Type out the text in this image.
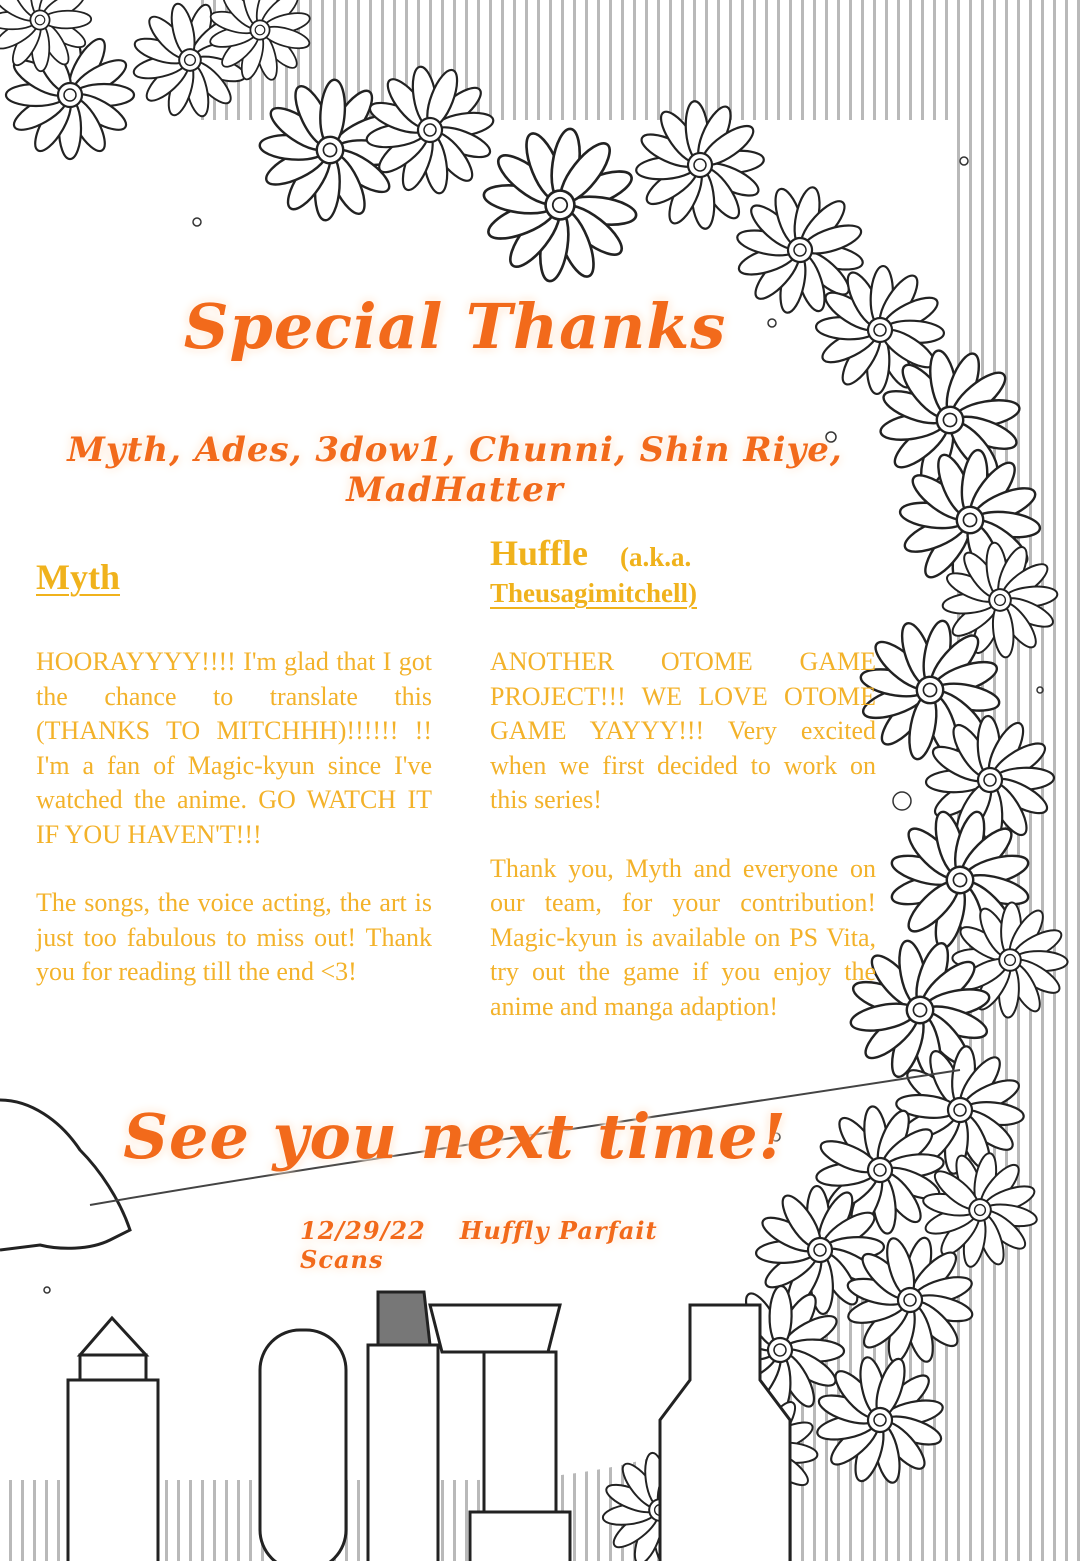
Special Thanks
Myth, Ades, 3dow1, Chunni, Shin Riye, MadHatter
Myth
Huffle (a.k.a.
Theusagimitchell)

HOORAYYYY!!!! I'm glad that I got the chance to translate this (THANKS TO MITCHHH)!!!!!! !! I'm a fan of Magic-kyun since I've watched the anime. GO WATCH IT IF YOU HAVEN'T!!!

The songs, the voice acting, the art is just too fabulous to miss out! Thank you for reading till the end <3!

ANOTHER OTOME GAME PROJECT!!! WE LOVE OTOME GAME YAYYY!!! Very excited when we first decided to work on this series!

Thank you, Myth and everyone on our team, for your contribution! Magic-kyun is available on PS Vita, try out the game if you enjoy the anime and manga adaption!

See you next time!
12/29/22 Huffly Parfait Scans
